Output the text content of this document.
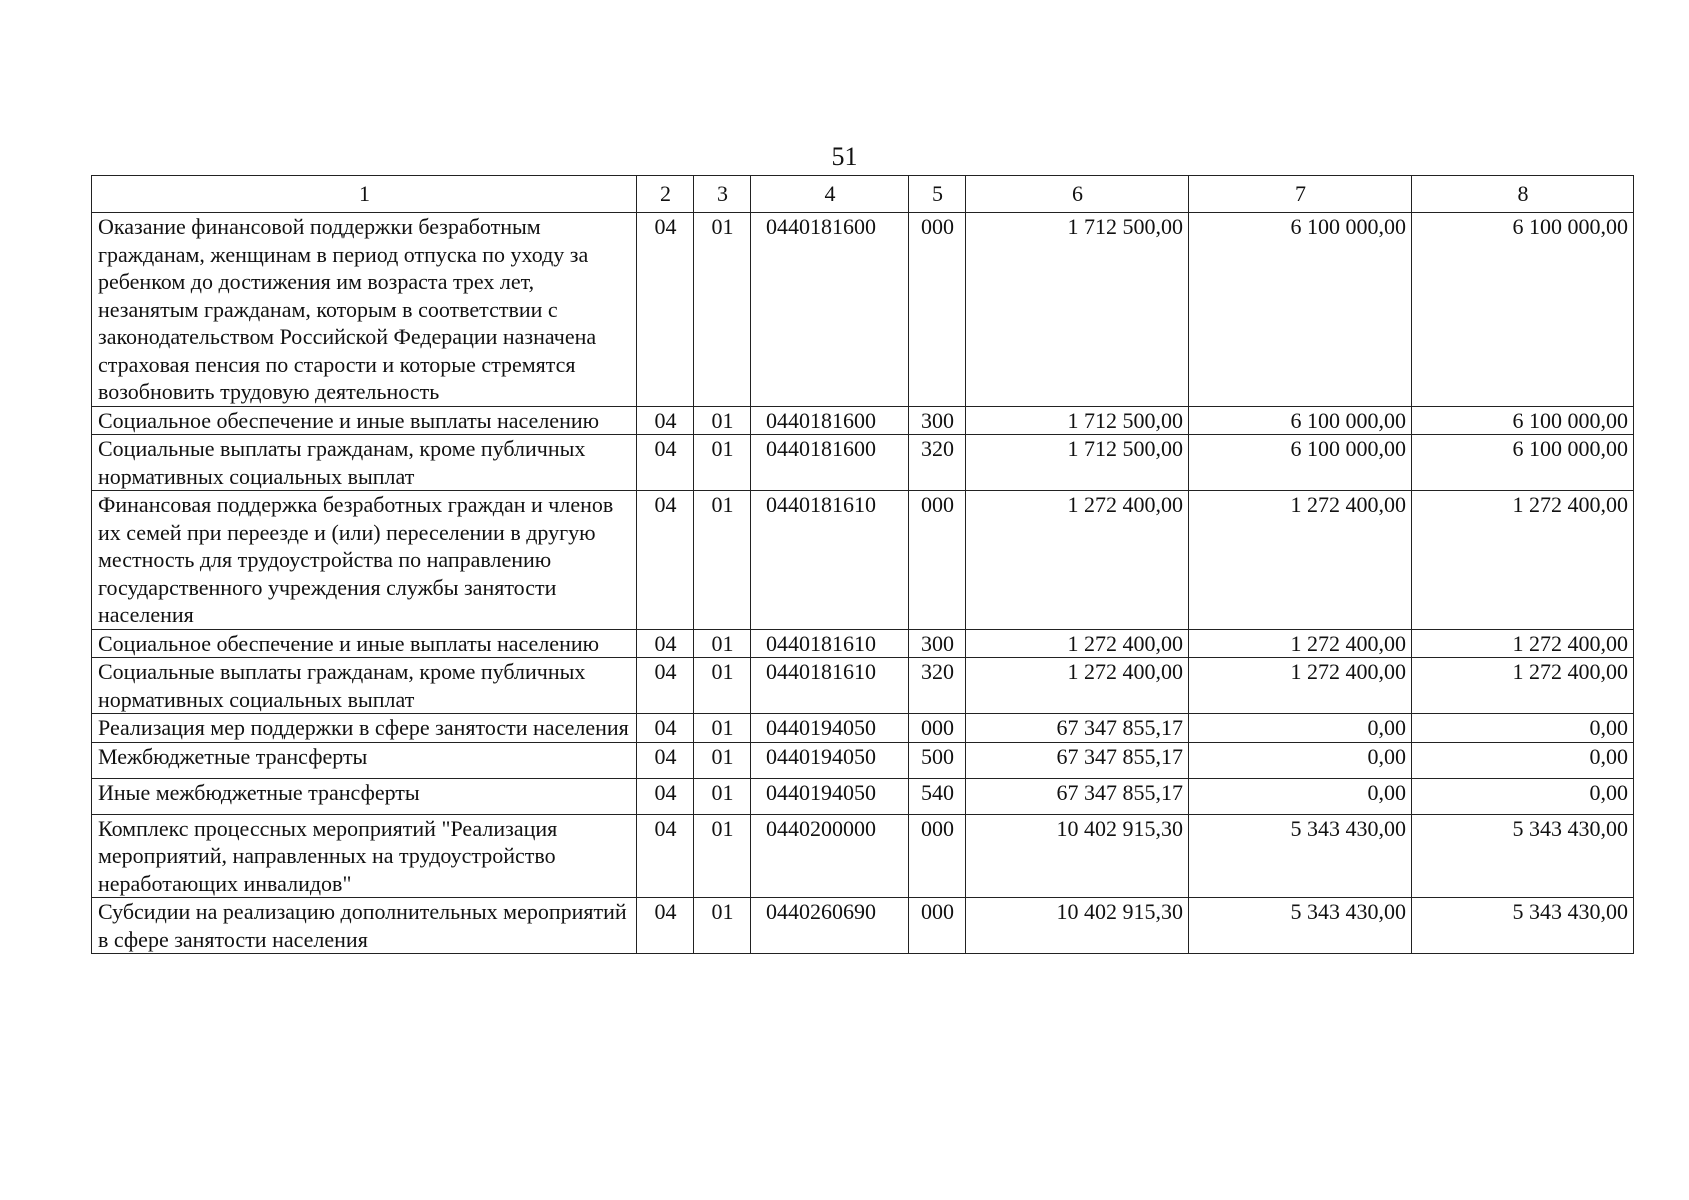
51
1	2	3	4	5	6	7	8
Оказание финансовой поддержки безработным гражданам, женщинам в период отпуска по уходу за ребенком до достижения им возраста трех лет, незанятым гражданам, которым в соответствии с законодательством Российской Федерации назначена страховая пенсия по старости и которые стремятся возобновить трудовую деятельность	04	01	0440181600	000	1 712 500,00	6 100 000,00	6 100 000,00
Социальное обеспечение и иные выплаты населению	04	01	0440181600	300	1 712 500,00	6 100 000,00	6 100 000,00
Социальные выплаты гражданам, кроме публичных нормативных социальных выплат	04	01	0440181600	320	1 712 500,00	6 100 000,00	6 100 000,00
Финансовая поддержка безработных граждан и членов их семей при переезде и (или) переселении в другую местность для трудоустройства по направлению государственного учреждения службы занятости населения	04	01	0440181610	000	1 272 400,00	1 272 400,00	1 272 400,00
Социальное обеспечение и иные выплаты населению	04	01	0440181610	300	1 272 400,00	1 272 400,00	1 272 400,00
Социальные выплаты гражданам, кроме публичных нормативных социальных выплат	04	01	0440181610	320	1 272 400,00	1 272 400,00	1 272 400,00
Реализация мер поддержки в сфере занятости населения	04	01	0440194050	000	67 347 855,17	0,00	0,00
Межбюджетные трансферты	04	01	0440194050	500	67 347 855,17	0,00	0,00
Иные межбюджетные трансферты	04	01	0440194050	540	67 347 855,17	0,00	0,00
Комплекс процессных мероприятий "Реализация мероприятий, направленных на трудоустройство неработающих инвалидов"	04	01	0440200000	000	10 402 915,30	5 343 430,00	5 343 430,00
Субсидии на реализацию дополнительных мероприятий в сфере занятости населения	04	01	0440260690	000	10 402 915,30	5 343 430,00	5 343 430,00
